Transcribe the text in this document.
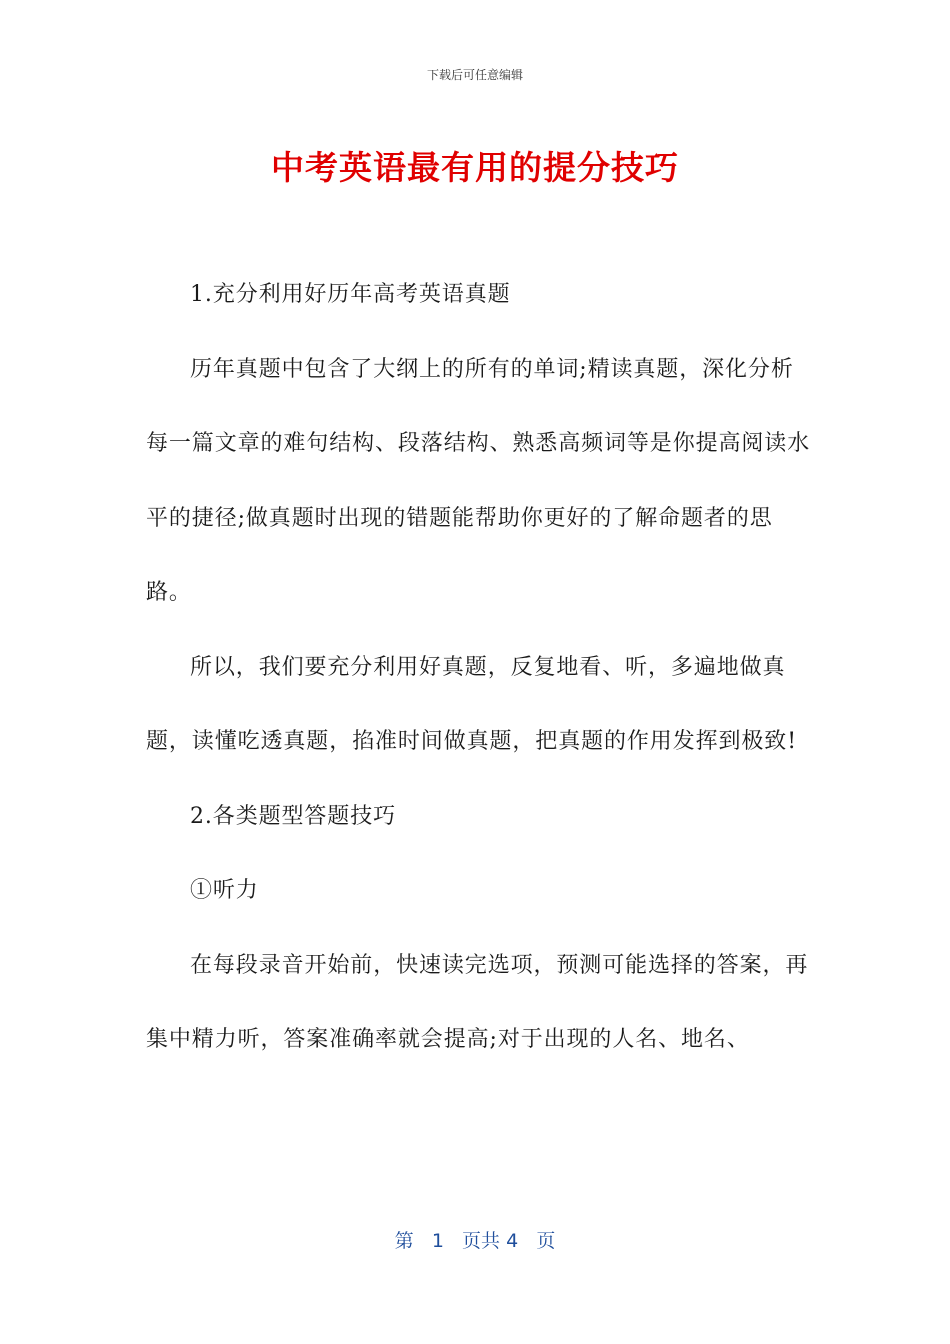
下载后可任意编辑
中考英语最有用的提分技巧

1.充分利用好历年高考英语真题

历年真题中包含了大纲上的所有的单词;精读真题，深化分析每一篇文章的难句结构、段落结构、熟悉高频词等是你提高阅读水平的捷径;做真题时出现的错题能帮助你更好的了解命题者的思路。

所以，我们要充分利用好真题，反复地看、听，多遍地做真题，读懂吃透真题，掐准时间做真题，把真题的作用发挥到极致!

2.各类题型答题技巧

①听力

在每段录音开始前，快速读完选项，预测可能选择的答案，再集中精力听，答案准确率就会提高;对于出现的人名、地名、

第 1 页共 4 页
